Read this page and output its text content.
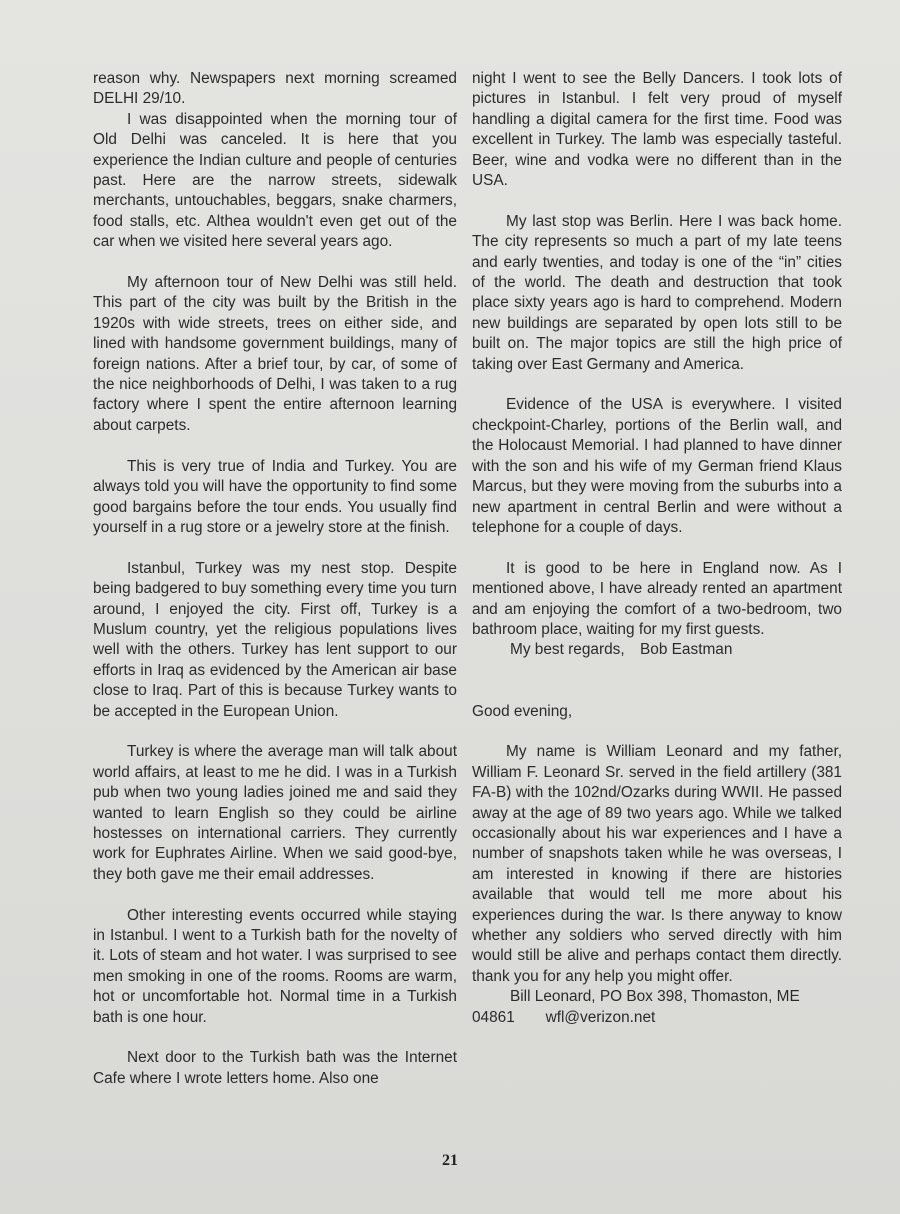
reason why. Newspapers next morning screamed DELHI 29/10.

I was disappointed when the morning tour of Old Delhi was canceled. It is here that you experience the Indian culture and people of centuries past. Here are the narrow streets, sidewalk merchants, untouchables, beggars, snake charmers, food stalls, etc. Althea wouldn't even get out of the car when we visited here several years ago.

My afternoon tour of New Delhi was still held. This part of the city was built by the British in the 1920s with wide streets, trees on either side, and lined with handsome government buildings, many of foreign nations. After a brief tour, by car, of some of the nice neighborhoods of Delhi, I was taken to a rug factory where I spent the entire afternoon learning about carpets.

This is very true of India and Turkey. You are always told you will have the opportunity to find some good bargains before the tour ends. You usually find yourself in a rug store or a jewelry store at the finish.

Istanbul, Turkey was my nest stop. Despite being badgered to buy something every time you turn around, I enjoyed the city. First off, Turkey is a Muslum country, yet the religious populations lives well with the others. Turkey has lent support to our efforts in Iraq as evidenced by the American air base close to Iraq. Part of this is because Turkey wants to be accepted in the European Union.

Turkey is where the average man will talk about world affairs, at least to me he did. I was in a Turkish pub when two young ladies joined me and said they wanted to learn English so they could be airline hostesses on international carriers. They currently work for Euphrates Airline. When we said good-bye, they both gave me their email addresses.

Other interesting events occurred while staying in Istanbul. I went to a Turkish bath for the novelty of it. Lots of steam and hot water. I was surprised to see men smoking in one of the rooms. Rooms are warm, hot or uncomfortable hot. Normal time in a Turkish bath is one hour.

Next door to the Turkish bath was the Internet Cafe where I wrote letters home. Also one

night I went to see the Belly Dancers. I took lots of pictures in Istanbul. I felt very proud of myself handling a digital camera for the first time. Food was excellent in Turkey. The lamb was especially tasteful. Beer, wine and vodka were no different than in the USA.

My last stop was Berlin. Here I was back home. The city represents so much a part of my late teens and early twenties, and today is one of the “in” cities of the world. The death and destruction that took place sixty years ago is hard to comprehend. Modern new buildings are separated by open lots still to be built on. The major topics are still the high price of taking over East Germany and America.

Evidence of the USA is everywhere. I visited checkpoint-Charley, portions of the Berlin wall, and the Holocaust Memorial. I had planned to have dinner with the son and his wife of my German friend Klaus Marcus, but they were moving from the suburbs into a new apartment in central Berlin and were without a telephone for a couple of days.

It is good to be here in England now. As I mentioned above, I have already rented an apartment and am enjoying the comfort of a two-bedroom, two bathroom place, waiting for my first guests.

My best regards, Bob Eastman

Good evening,

My name is William Leonard and my father, William F. Leonard Sr. served in the field artillery (381 FA-B) with the 102nd/Ozarks during WWII. He passed away at the age of 89 two years ago. While we talked occasionally about his war experiences and I have a number of snapshots taken while he was overseas, I am interested in knowing if there are histories available that would tell me more about his experiences during the war. Is there anyway to know whether any soldiers who served directly with him would still be alive and perhaps contact them directly. thank you for any help you might offer.

Bill Leonard, PO Box 398, Thomaston, ME 04861  wfl@verizon.net

21
